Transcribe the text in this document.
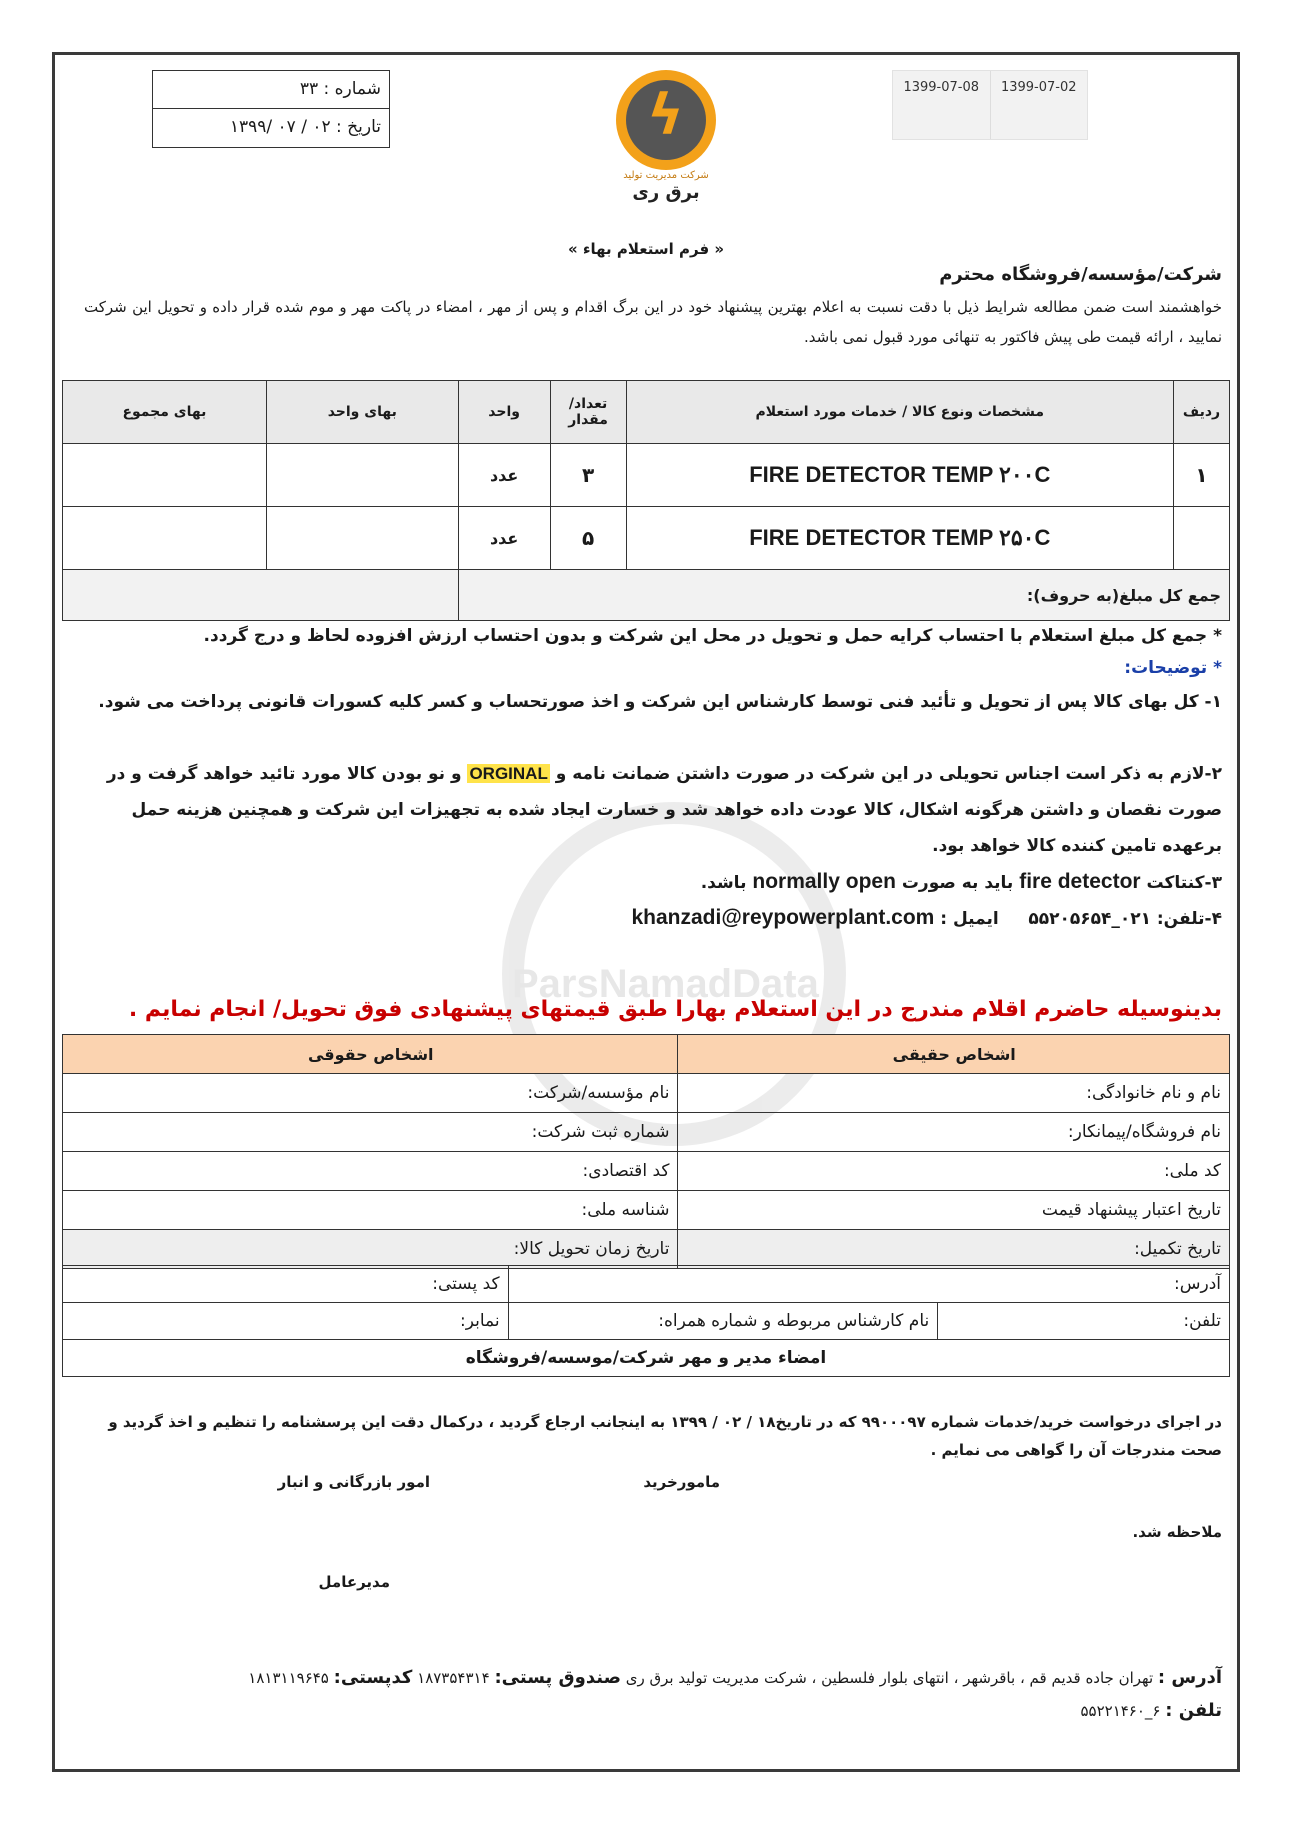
شماره : ۳۳
تاریخ : ۰۲ / ۰۷ /۱۳۹۹	ϟ
شرکت مدیریت تولید
برق ری
1399-07-08	1399-07-02
« فرم استعلام بهاء »
شرکت/مؤسسه/فروشگاه محترم
خواهشمند است ضمن مطالعه شرایط ذیل با دقت نسبت به اعلام بهترین پیشنهاد خود در این برگ اقدام و پس از مهر ، امضاء در پاکت مهر و موم شده قرار داده و تحویل این شرکت نمایید ، ارائه قیمت طی پیش فاکتور به تنهائی مورد قبول نمی باشد.
ردیف	مشخصات ونوع کالا / خدمات مورد استعلام	تعداد/ مقدار	واحد	بهای واحد	بهای مجموع
۱	FIRE DETECTOR TEMP ۲۰۰C	۳	عدد		
	FIRE DETECTOR TEMP ۲۵۰C	۵	عدد		
جمع کل مبلغ(به حروف):					
ParsNamadData
* جمع کل مبلغ استعلام با احتساب کرایه حمل و تحویل در محل این شرکت و بدون احتساب ارزش افزوده لحاظ و درج گردد.
* توضیحات:
۱- کل بهای کالا پس از تحویل و تأئید فنی توسط کارشناس این شرکت و اخذ صورتحساب و کسر کلیه کسورات قانونی پرداخت می شود.
۲-لازم به ذکر است اجناس تحویلی در این شرکت در صورت داشتن ضمانت نامه و ORGINAL و نو بودن کالا مورد تائید خواهد گرفت و در صورت نقصان و داشتن هرگونه اشکال، کالا عودت داده خواهد شد و خسارت ایجاد شده به تجهیزات این شرکت و همچنین هزینه حمل برعهده تامین کننده کالا خواهد بود.
۳-کنتاکت fire detector باید به صورت normally open باشد.
۴-تلفن: ۰۲۱_۵۵۲۰۵۶۵۴     ایمیل : khanzadi@reypowerplant.com
بدینوسیله حاضرم اقلام مندرج در این استعلام بهارا طبق قیمتهای پیشنهادی فوق تحویل/ انجام نمایم .
اشخاص حقیقی	اشخاص حقوقی
نام و نام خانوادگی:	نام مؤسسه/شرکت:
نام فروشگاه/پیمانکار:	شماره ثبت شرکت:
کد ملی:	کد اقتصادی:
تاریخ اعتبار پیشنهاد قیمت	شناسه ملی:
تاریخ تکمیل:	تاریخ زمان تحویل کالا:
آدرس:		کد پستی:
تلفن:	نام کارشناس مربوطه و شماره همراه:	نمابر:
امضاء مدیر و مهر شرکت/موسسه/فروشگاه		
در اجرای درخواست خرید/خدمات شماره ۹۹۰۰۰۹۷ که در تاریخ۱۸ / ۰۲ / ۱۳۹۹ به اینجانب ارجاع گردید ، درکمال دقت این پرسشنامه را تنظیم و اخذ گردید و صحت مندرجات آن را گواهی می نمایم .
مامورخرید
امور بازرگانی و انبار
ملاحظه شد.
مدیرعامل
آدرس : تهران جاده قدیم قم ، باقرشهر ، انتهای بلوار فلسطین ، شرکت مدیریت تولید برق ری صندوق پستی: ۱۸۷۳۵۴۳۱۴ کدپستی: ۱۸۱۳۱۱۹۶۴۵
تلفن : ۶_۵۵۲۲۱۴۶۰
